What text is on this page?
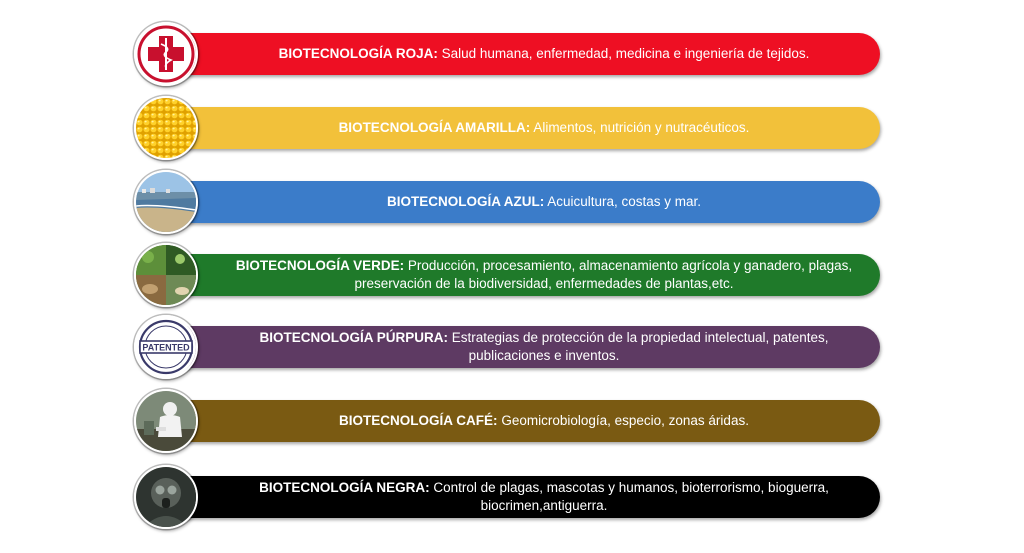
BIOTECNOLOGÍA ROJA: Salud humana, enfermedad, medicina e ingeniería de tejidos.
BIOTECNOLOGÍA AMARILLA: Alimentos, nutrición y nutracéuticos.
BIOTECNOLOGÍA AZUL: Acuicultura, costas y mar.
BIOTECNOLOGÍA VERDE: Producción, procesamiento, almacenamiento agrícola y ganadero, plagas, preservación de la biodiversidad, enfermedades de plantas,etc.
BIOTECNOLOGÍA PÚRPURA: Estrategias de protección de la propiedad intelectual, patentes, publicaciones e inventos.
PATENTED
BIOTECNOLOGÍA CAFÉ: Geomicrobiología, especio, zonas áridas.
BIOTECNOLOGÍA NEGRA: Control de plagas, mascotas y humanos, bioterrorismo, bioguerra, biocrimen,antiguerra.
